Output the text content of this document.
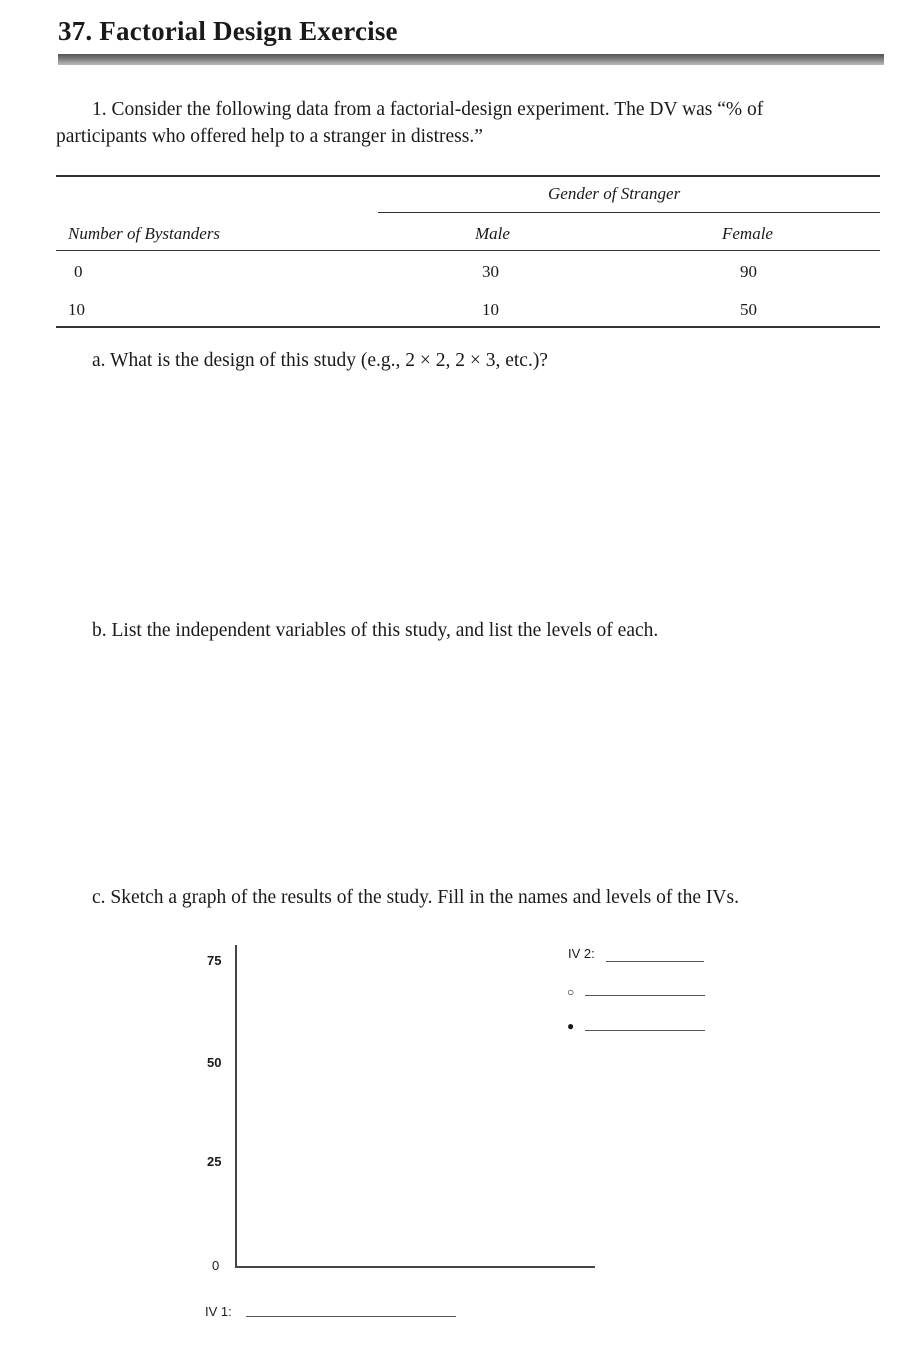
37. Factorial Design Exercise
1. Consider the following data from a factorial-design experiment. The DV was “% of
participants who offered help to a stranger in distress.”
Gender of Stranger
Number of Bystanders	Male	Female
0	30	90
10	10	50
a. What is the design of this study (e.g., 2 × 2, 2 × 3, etc.)?
b. List the independent variables of this study, and list the levels of each.
c. Sketch a graph of the results of the study. Fill in the names and levels of the IVs.
75
50
25
0
IV 1:
IV 2:
○
●
